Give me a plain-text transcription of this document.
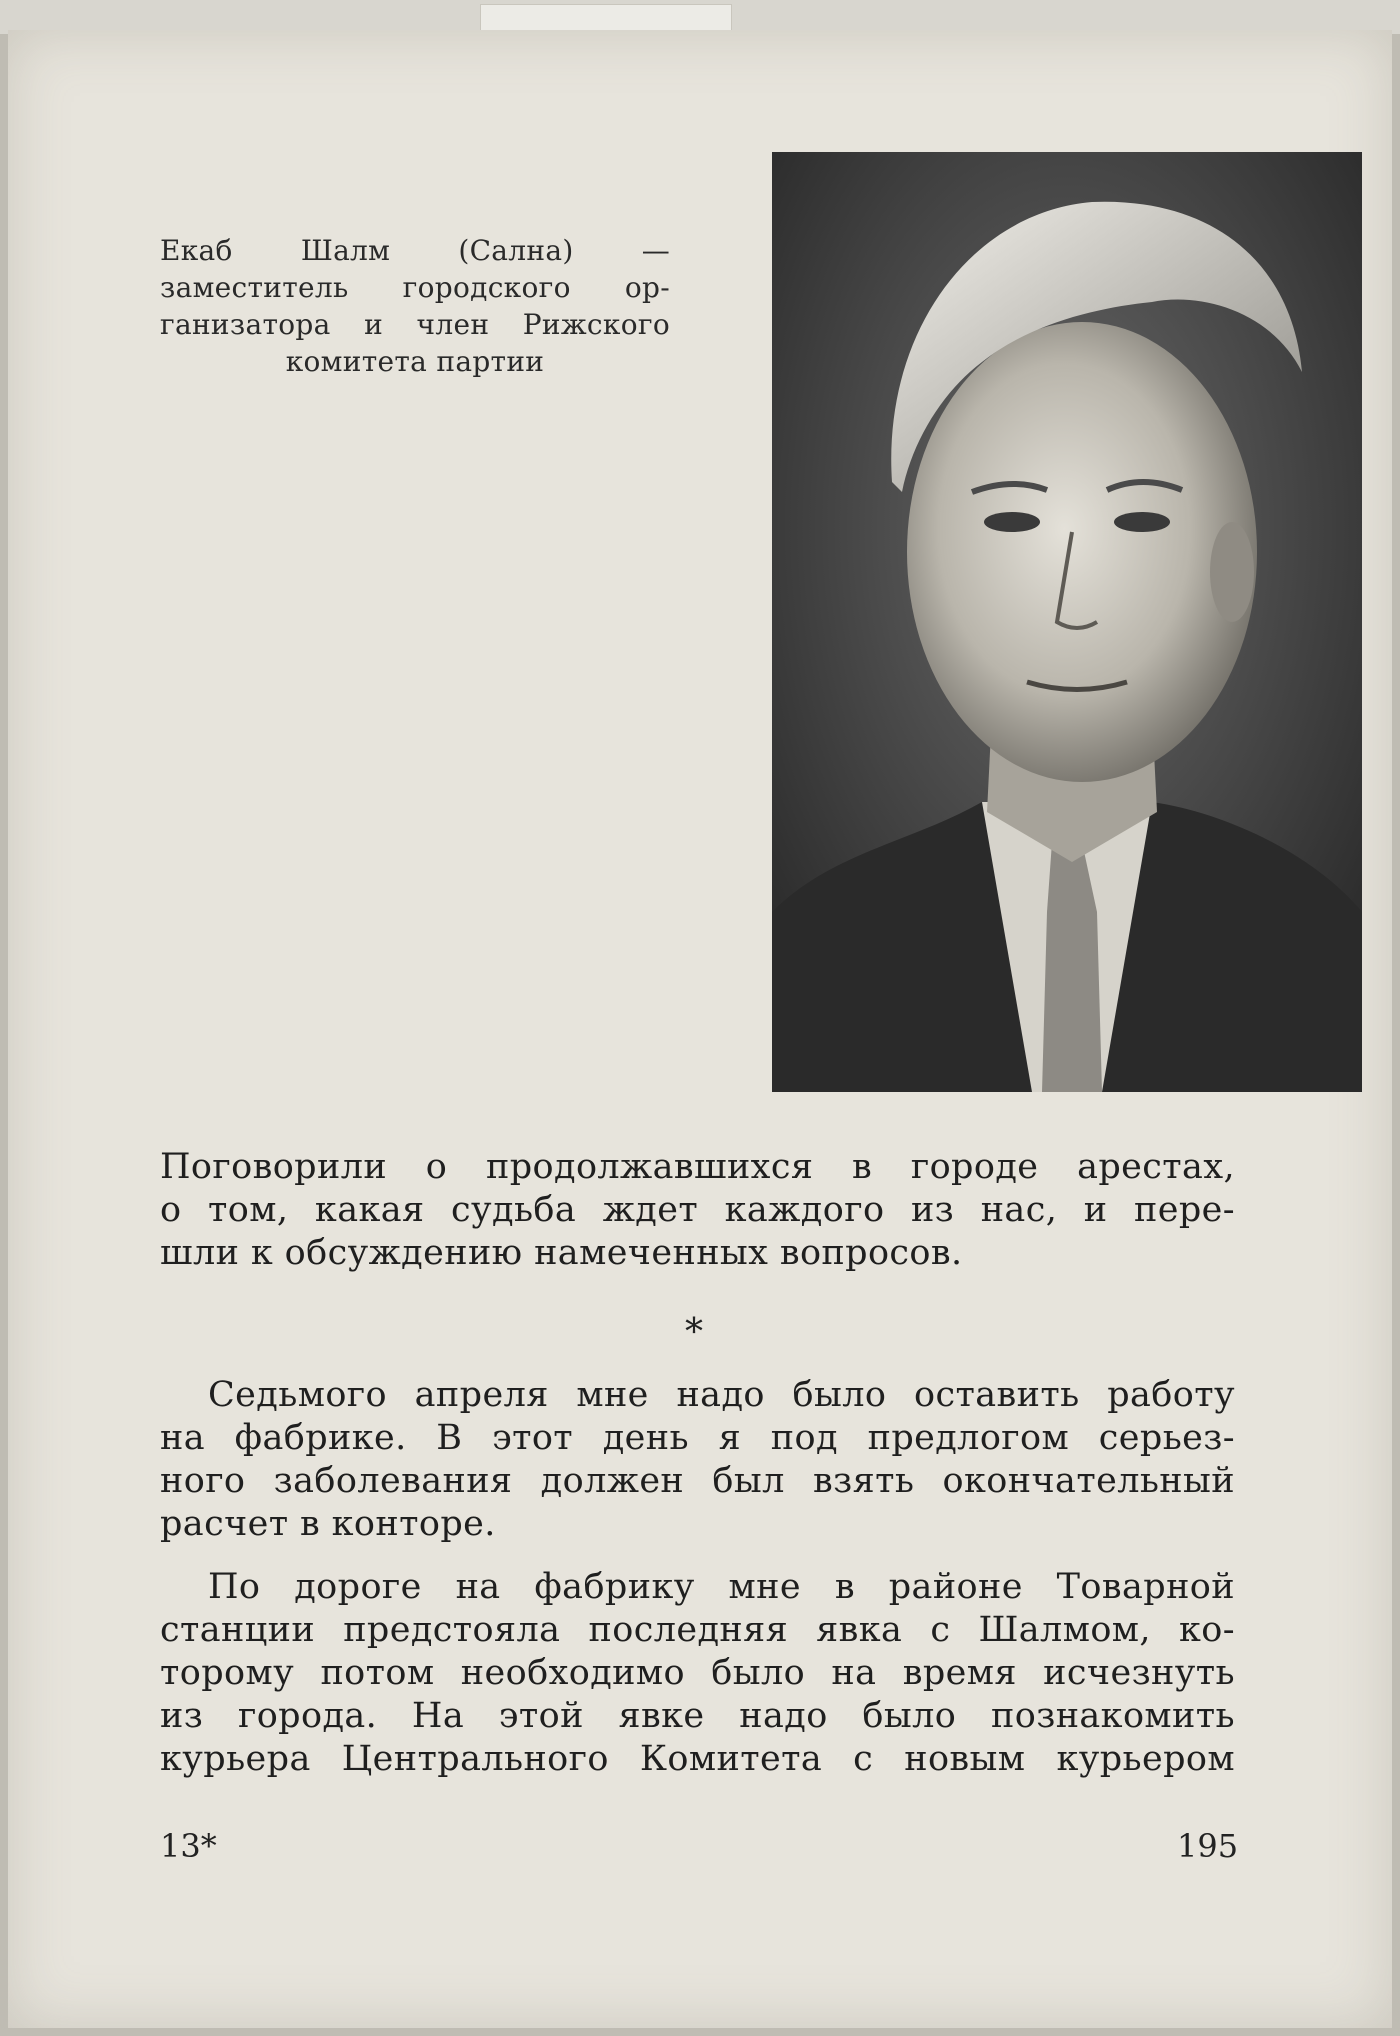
Екаб Шалм (Сална) —
заместитель городского ор-
ганизатора и член Рижского
комитета партии
Поговорили о продолжавшихся в городе арестах,
о том, какая судьба ждет каждого из нас, и пере-
шли к обсуждению намеченных вопросов.
*
Седьмого апреля мне надо было оставить работу
на фабрике. В этот день я под предлогом серьез-
ного заболевания должен был взять окончательный
расчет в конторе.
По дороге на фабрику мне в районе Товарной
станции предстояла последняя явка с Шалмом, ко-
торому потом необходимо было на время исчезнуть
из города. На этой явке надо было познакомить
курьера Центрального Комитета с новым курьером
13*	195
